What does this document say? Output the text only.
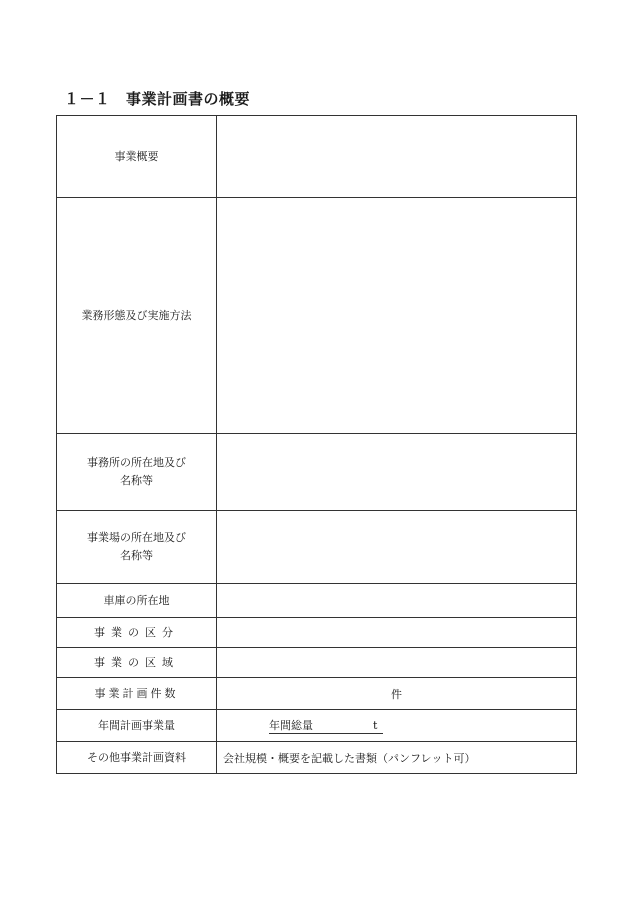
１－１　事業計画書の概要
事業概要	
業務形態及び実施方法	

事務所の所在地及び
名称等	

事業場の所在地及び
名称等	

車庫の所在地	
事業の区分	
事業の区域	
事業計画件数	件
年間計画事業量	年間総量 t
その他事業計画資料	会社規模・概要を記載した書類（パンフレット可）
